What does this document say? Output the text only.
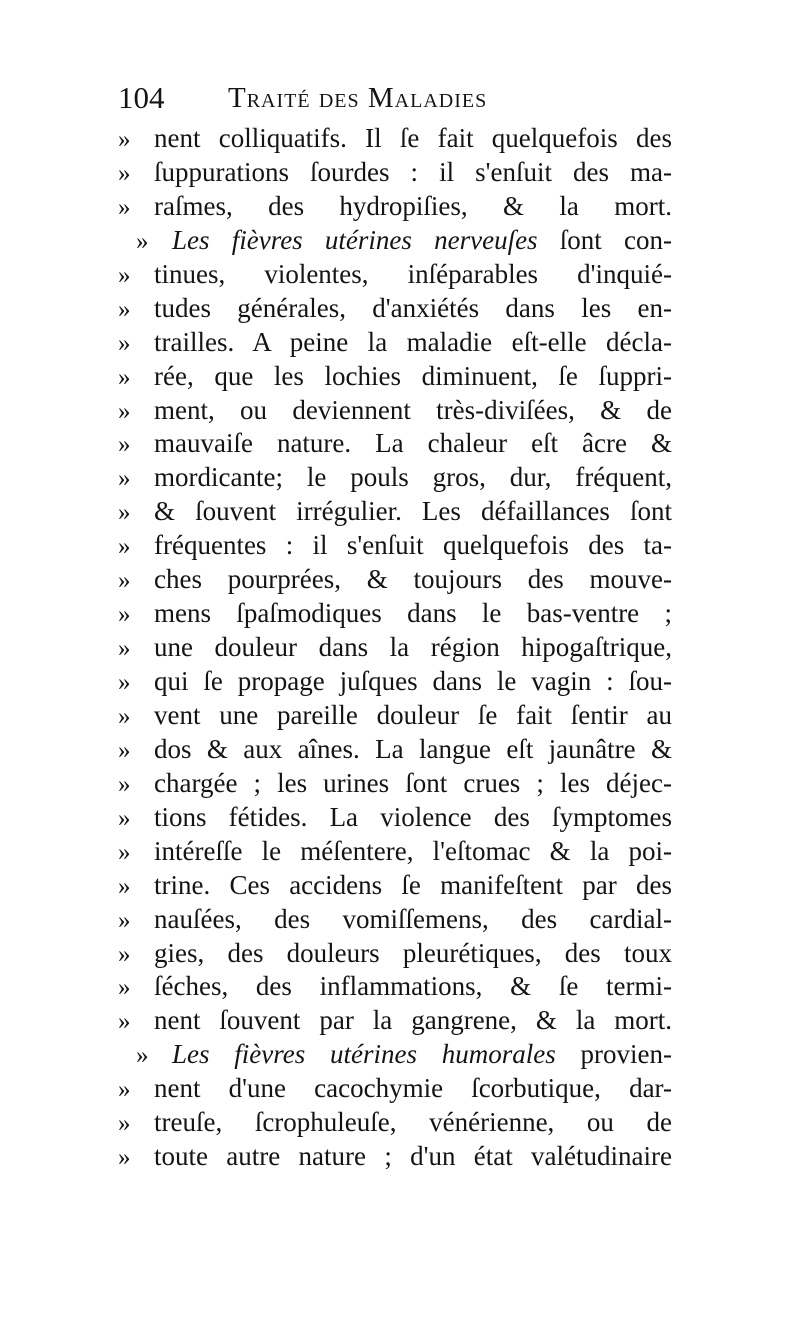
104 Traité des Maladies
» nent colliquatifs. Il ſe fait quelquefois des
» ſuppurations ſourdes : il s'enſuit des ma-
» raſmes, des hydropiſies, & la mort.
» Les fièvres utérines nerveuſes ſont con-
» tinues, violentes, inſéparables d'inquié-
» tudes générales, d'anxiétés dans les en-
» trailles. A peine la maladie eſt-elle décla-
» rée, que les lochies diminuent, ſe ſuppri-
» ment, ou deviennent très-diviſées, & de
» mauvaiſe nature. La chaleur eſt âcre &
» mordicante; le pouls gros, dur, fréquent,
» & ſouvent irrégulier. Les défaillances ſont
» fréquentes : il s'enſuit quelquefois des ta-
» ches pourprées, & toujours des mouve-
» mens ſpaſmodiques dans le bas-ventre ;
» une douleur dans la région hipogaſtrique,
» qui ſe propage juſques dans le vagin : ſou-
» vent une pareille douleur ſe fait ſentir au
» dos & aux aînes. La langue eſt jaunâtre &
» chargée ; les urines ſont crues ; les déjec-
» tions fétides. La violence des ſymptomes
» intéreſſe le méſentere, l'eſtomac & la poi-
» trine. Ces accidens ſe manifeſtent par des
» nauſées, des vomiſſemens, des cardial-
» gies, des douleurs pleurétiques, des toux
» ſéches, des inflammations, & ſe termi-
» nent ſouvent par la gangrene, & la mort.
» Les fièvres utérines humorales provien-
» nent d'une cacochymie ſcorbutique, dar-
» treuſe, ſcrophuleuſe, vénérienne, ou de
» toute autre nature ; d'un état valétudinaire
